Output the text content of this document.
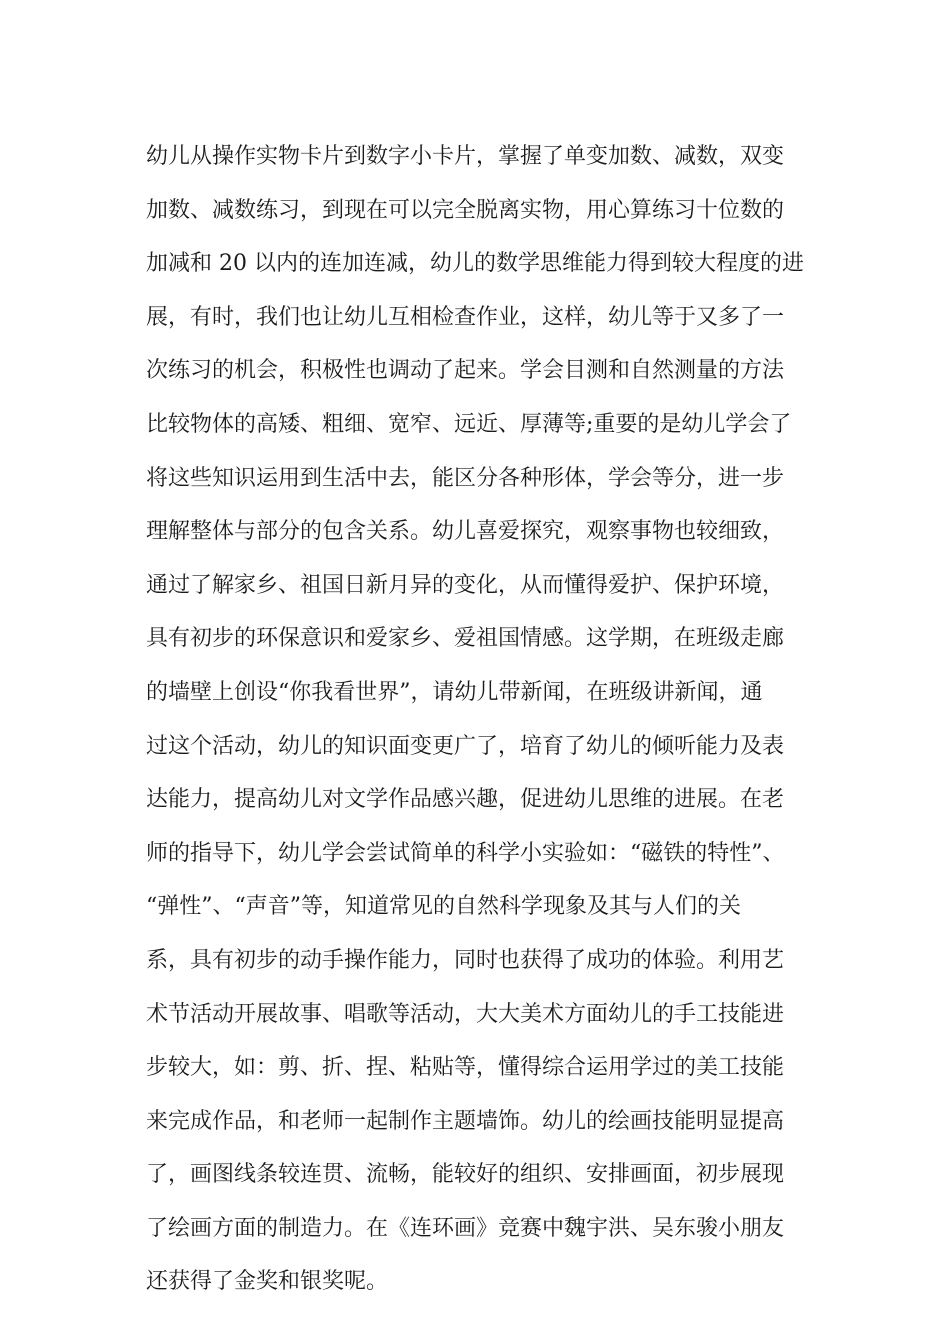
幼儿从操作实物卡片到数字小卡片，掌握了单变加数、减数，双变
加数、减数练习，到现在可以完全脱离实物，用心算练习十位数的
加减和 20 以内的连加连减，幼儿的数学思维能力得到较大程度的进
展，有时，我们也让幼儿互相检查作业，这样，幼儿等于又多了一
次练习的机会，积极性也调动了起来。学会目测和自然测量的方法
比较物体的高矮、粗细、宽窄、远近、厚薄等;重要的是幼儿学会了
将这些知识运用到生活中去，能区分各种形体，学会等分，进一步
理解整体与部分的包含关系。幼儿喜爱探究，观察事物也较细致，
通过了解家乡、祖国日新月异的变化，从而懂得爱护、保护环境，
具有初步的环保意识和爱家乡、爱祖国情感。这学期，在班级走廊
的墙壁上创设“你我看世界”，请幼儿带新闻，在班级讲新闻，通
过这个活动，幼儿的知识面变更广了，培育了幼儿的倾听能力及表
达能力，提高幼儿对文学作品感兴趣，促进幼儿思维的进展。在老
师的指导下，幼儿学会尝试简单的科学小实验如：“磁铁的特性”、
“弹性”、“声音”等，知道常见的自然科学现象及其与人们的关
系，具有初步的动手操作能力，同时也获得了成功的体验。利用艺
术节活动开展故事、唱歌等活动，大大美术方面幼儿的手工技能进
步较大，如：剪、折、捏、粘贴等，懂得综合运用学过的美工技能
来完成作品，和老师一起制作主题墙饰。幼儿的绘画技能明显提高
了，画图线条较连贯、流畅，能较好的组织、安排画面，初步展现
了绘画方面的制造力。在《连环画》竞赛中魏宇洪、吴东骏小朋友
还获得了金奖和银奖呢。
